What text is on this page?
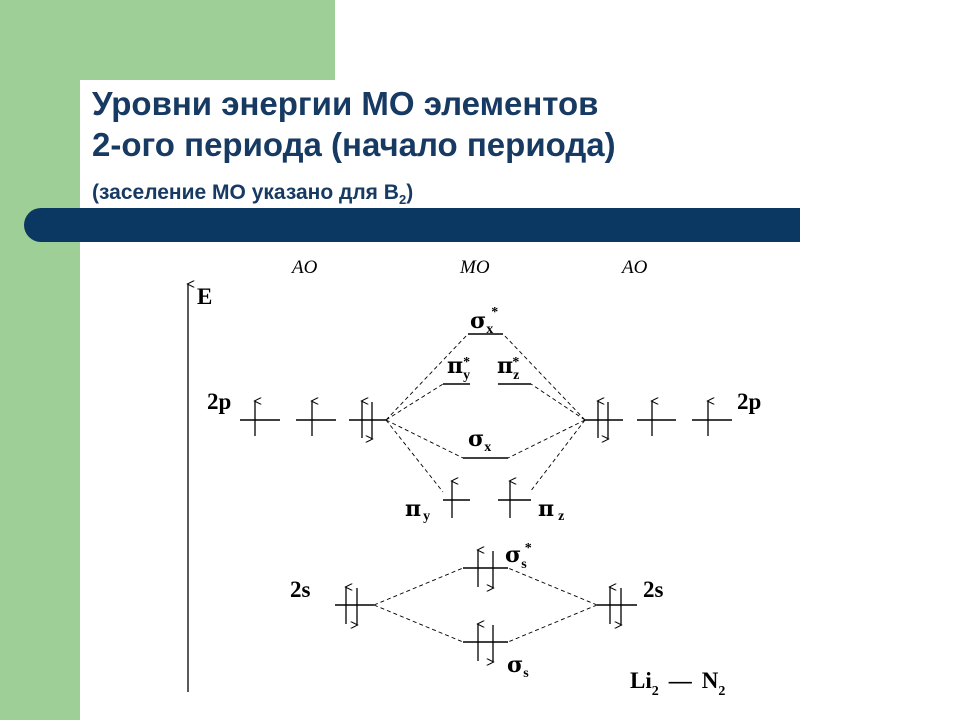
Уровни энергии МО элементов
2-ого периода (начало периода)
(заселение МО указано для $B_2$)
AO	MO	AO
E
2p	2p
σx*
πy* πz*
σx
πy	πz
2s	2s
σs*
σs	Li2 — N2
